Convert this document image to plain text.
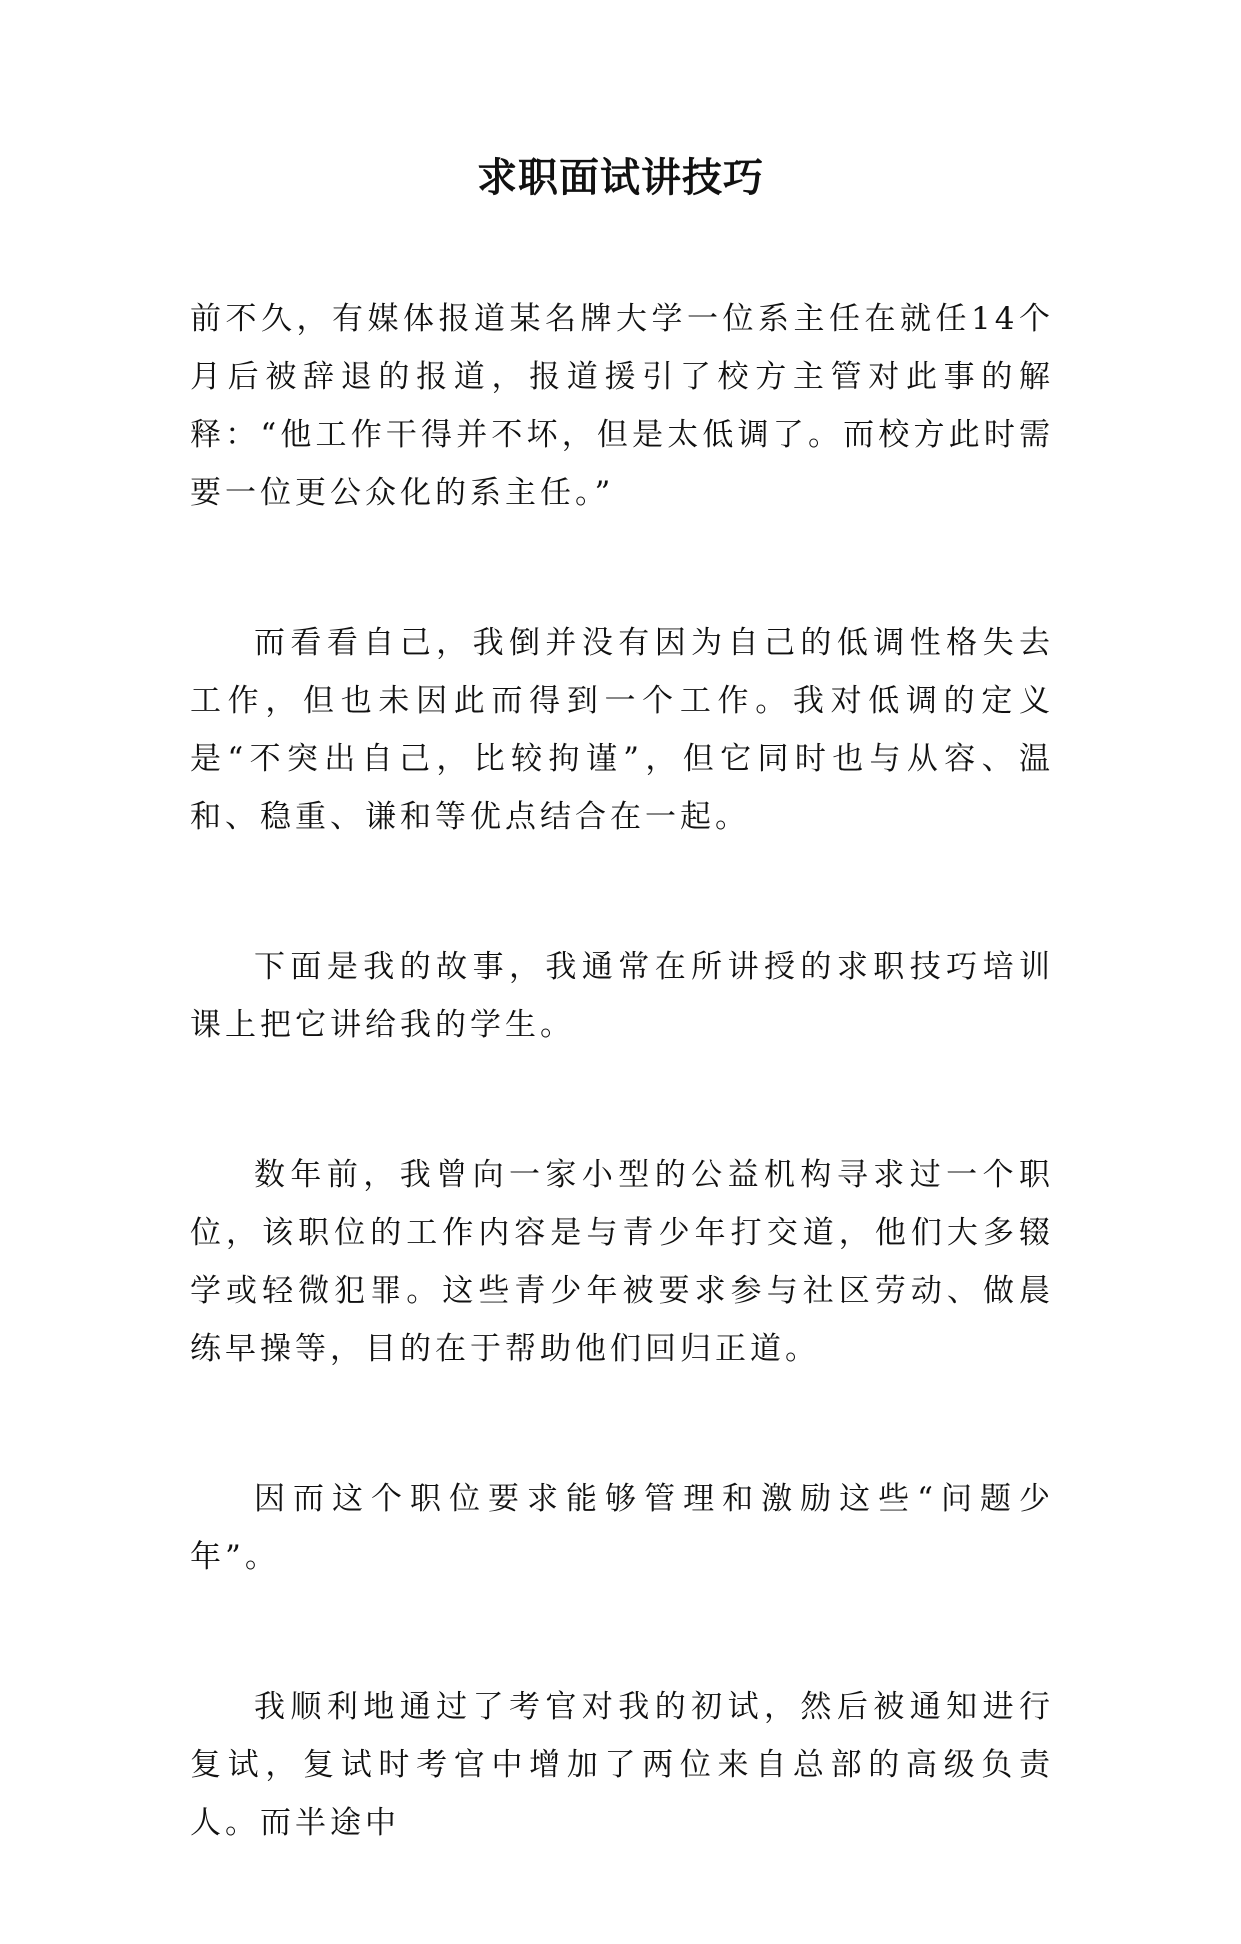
求职面试讲技巧

前不久，有媒体报道某名牌大学一位系主任在就任14个月后被辞退的报道，报道援引了校方主管对此事的解释：“他工作干得并不坏，但是太低调了。而校方此时需要一位更公众化的系主任。”

而看看自己，我倒并没有因为自己的低调性格失去工作，但也未因此而得到一个工作。我对低调的定义是“不突出自己，比较拘谨”，但它同时也与从容、温和、稳重、谦和等优点结合在一起。

下面是我的故事，我通常在所讲授的求职技巧培训课上把它讲给我的学生。

数年前，我曾向一家小型的公益机构寻求过一个职位，该职位的工作内容是与青少年打交道，他们大多辍学或轻微犯罪。这些青少年被要求参与社区劳动、做晨练早操等，目的在于帮助他们回归正道。

因而这个职位要求能够管理和激励这些“问题少年”。

我顺利地通过了考官对我的初试，然后被通知进行复试，复试时考官中增加了两位来自总部的高级负责人。而半途中
